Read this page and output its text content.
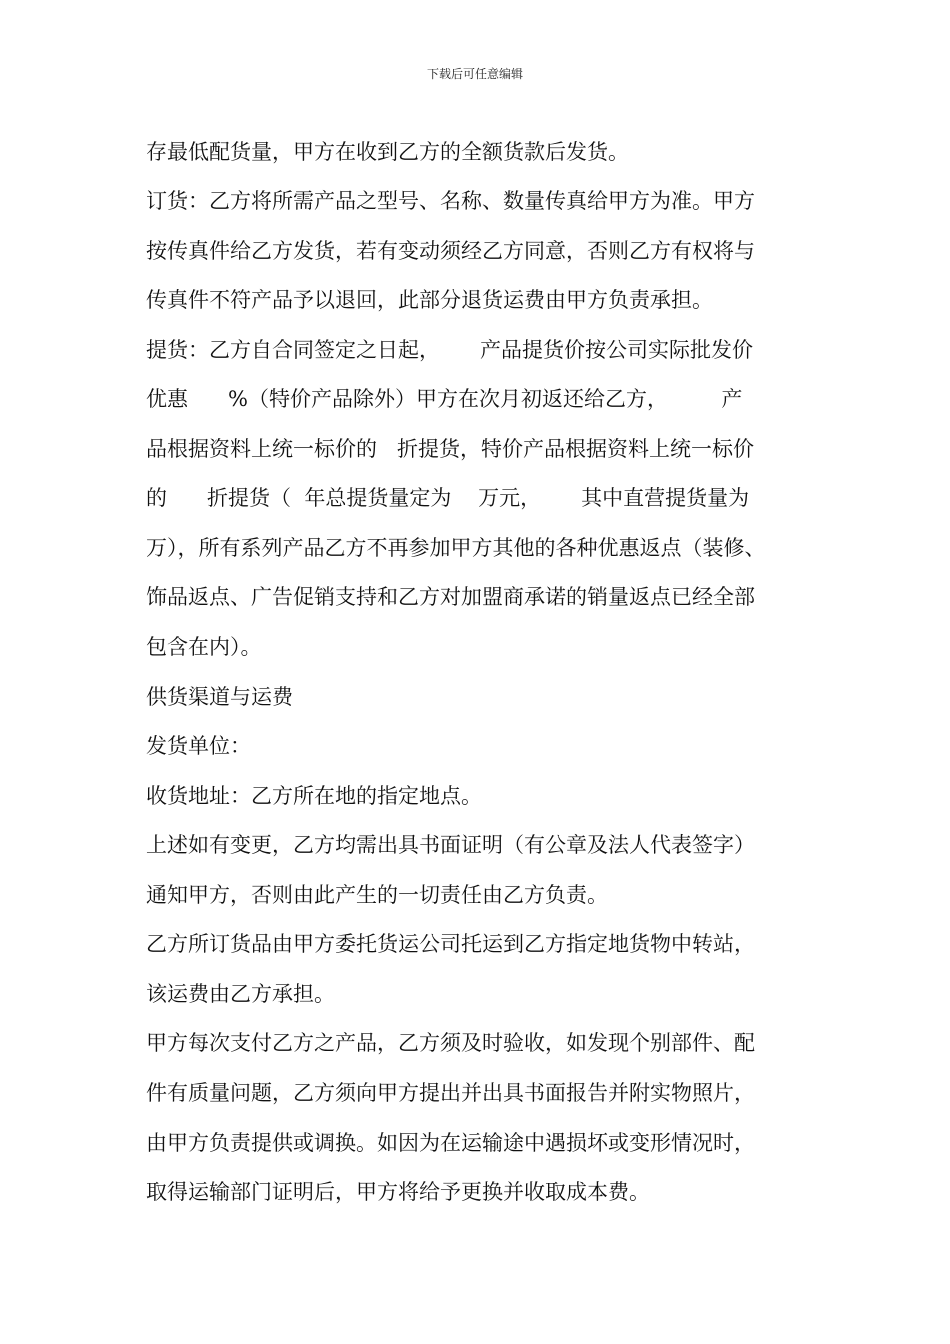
下载后可任意编辑
存最低配货量，甲方在收到乙方的全额货款后发货。
订货：乙方将所需产品之型号、名称、数量传真给甲方为准。甲方
按传真件给乙方发货，若有变动须经乙方同意，否则乙方有权将与
传真件不符产品予以退回，此部分退货运费由甲方负责承担。
提货：乙方自合同签定之日起，      产品提货价按公司实际批发价
优惠      %（特价产品除外）甲方在次月初返还给乙方，        产
品根据资料上统一标价的   折提货，特价产品根据资料上统一标价
的      折提货（  年总提货量定为    万元，      其中直营提货量为
万），所有系列产品乙方不再参加甲方其他的各种优惠返点（装修、
饰品返点、广告促销支持和乙方对加盟商承诺的销量返点已经全部
包含在内）。
供货渠道与运费
发货单位：
收货地址：乙方所在地的指定地点。
上述如有变更，乙方均需出具书面证明（有公章及法人代表签字）
通知甲方，否则由此产生的一切责任由乙方负责。
乙方所订货品由甲方委托货运公司托运到乙方指定地货物中转站，
该运费由乙方承担。
甲方每次支付乙方之产品，乙方须及时验收，如发现个别部件、配
件有质量问题，乙方须向甲方提出并出具书面报告并附实物照片，
由甲方负责提供或调换。如因为在运输途中遇损坏或变形情况时，
取得运输部门证明后，甲方将给予更换并收取成本费。
